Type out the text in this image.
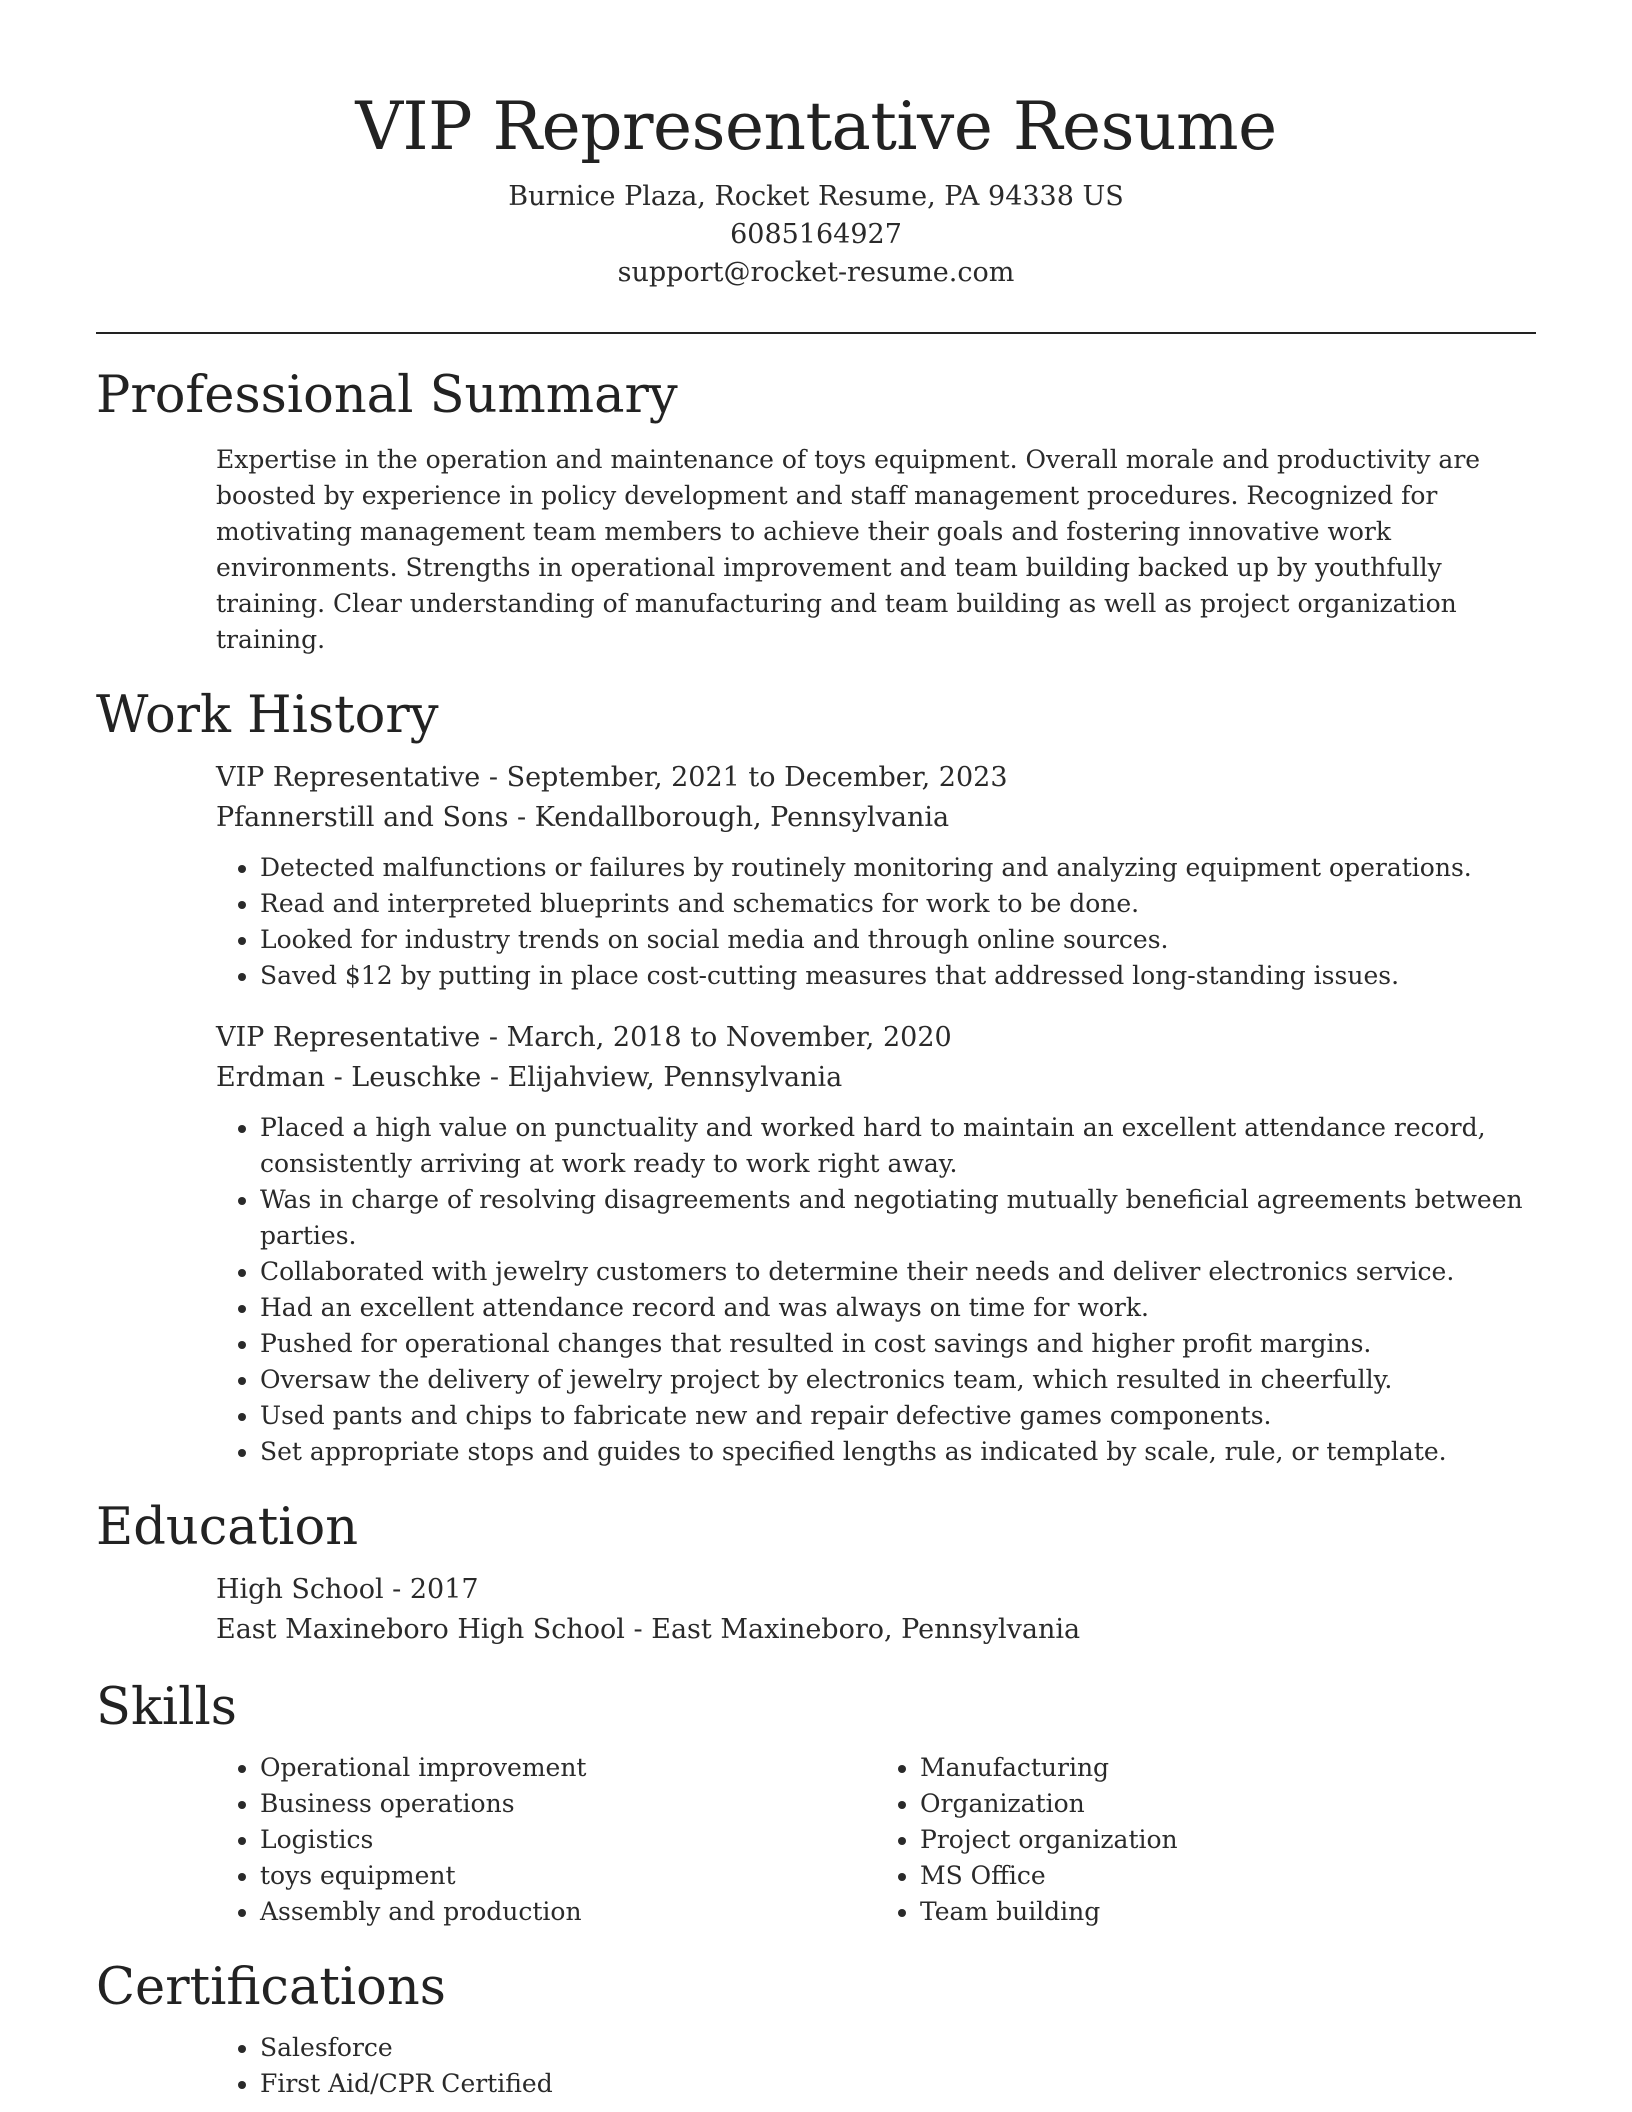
VIP Representative Resume
Burnice Plaza, Rocket Resume, PA 94338 US
6085164927
support@rocket-resume.com
Professional Summary

Expertise in the operation and maintenance of toys equipment. Overall morale and productivity are boosted by experience in policy development and staff management procedures. Recognized for motivating management team members to achieve their goals and fostering innovative work environments. Strengths in operational improvement and team building backed up by youthfully training. Clear understanding of manufacturing and team building as well as project organization training.

Work History
VIP Representative - September, 2021 to December, 2023
Pfannerstill and Sons - Kendallborough, Pennsylvania
• Detected malfunctions or failures by routinely monitoring and analyzing equipment operations.
• Read and interpreted blueprints and schematics for work to be done.
• Looked for industry trends on social media and through online sources.
• Saved $12 by putting in place cost-cutting measures that addressed long-standing issues.
VIP Representative - March, 2018 to November, 2020
Erdman - Leuschke - Elijahview, Pennsylvania
• Placed a high value on punctuality and worked hard to maintain an excellent attendance record, consistently arriving at work ready to work right away.
• Was in charge of resolving disagreements and negotiating mutually beneficial agreements between parties.
• Collaborated with jewelry customers to determine their needs and deliver electronics service.
• Had an excellent attendance record and was always on time for work.
• Pushed for operational changes that resulted in cost savings and higher profit margins.
• Oversaw the delivery of jewelry project by electronics team, which resulted in cheerfully.
• Used pants and chips to fabricate new and repair defective games components.
• Set appropriate stops and guides to specified lengths as indicated by scale, rule, or template.
Education
High School - 2017
East Maxineboro High School - East Maxineboro, Pennsylvania
Skills
• Operational improvement
• Business operations
• Logistics
• toys equipment
• Assembly and production
• Manufacturing
• Organization
• Project organization
• MS Office
• Team building
Certifications
• Salesforce
• First Aid/CPR Certified
